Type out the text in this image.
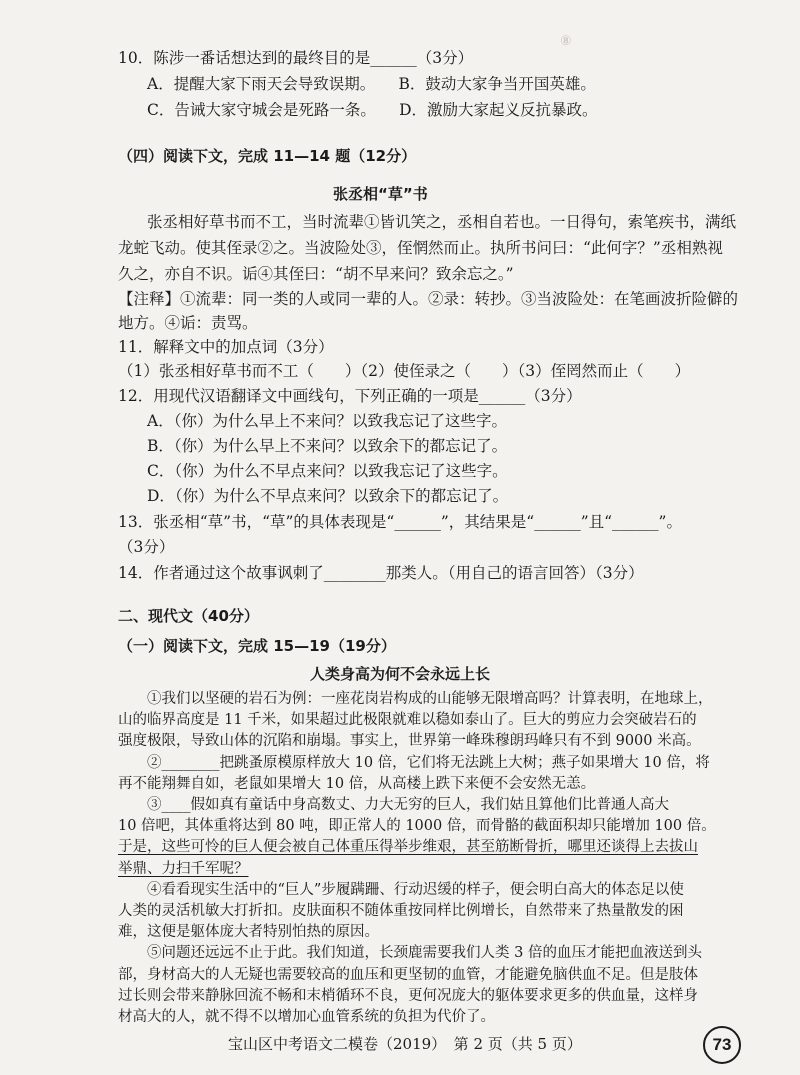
⑧　　　　　　　　

10．陈涉一番话想达到的最终目的是______（3分）
A．提醒大家下雨天会导致误期。　　B．鼓动大家争当开国英雄。
C．告诫大家守城会是死路一条。　　D．激励大家起义反抗暴政。
（四）阅读下文，完成 11—14 题（12分）
张丞相“草”书
张丞相好草书而不工，当时流辈①皆讥笑之，丞相自若也。一日得句，索笔疾书，满纸
龙蛇飞动。使其侄录②之。当波险处③，侄惘然而止。执所书问曰：“此何字？”丞相熟视
久之，亦自不识。诟④其侄曰：“胡不早来问？致余忘之。”
【注释】①流辈：同一类的人或同一辈的人。②录：转抄。③当波险处：在笔画波折险僻的
地方。④诟：责骂。
11．解释文中的加点词（3分）
（1）张丞相好草书而不工（　　）（2）使侄录之（　　）（3）侄罔然而止（　　）
12．用现代汉语翻译文中画线句，下列正确的一项是______（3分）
A．（你）为什么早上不来问？以致我忘记了这些字。
B．（你）为什么早上不来问？以致余下的都忘记了。
C．（你）为什么不早点来问？以致我忘记了这些字。
D．（你）为什么不早点来问？以致余下的都忘记了。
13．张丞相“草”书，“草”的具体表现是“______”，其结果是“______”且“______”。
（3分）
14．作者通过这个故事讽刺了________那类人。（用自己的语言回答）（3分）
二、现代文（40分）
（一）阅读下文，完成 15—19（19分）
人类身高为何不会永远上长
①我们以坚硬的岩石为例：一座花岗岩构成的山能够无限增高吗？计算表明，在地球上，
山的临界高度是 11 千米，如果超过此极限就难以稳如泰山了。巨大的剪应力会突破岩石的
强度极限，导致山体的沉陷和崩塌。事实上，世界第一峰珠穆朗玛峰只有不到 9000 米高。
②________把跳蚤原模原样放大 10 倍，它们将无法跳上大树；燕子如果增大 10 倍，将
再不能翔舞自如，老鼠如果增大 10 倍，从高楼上跌下来便不会安然无恙。
③____假如真有童话中身高数丈、力大无穷的巨人，我们姑且算他们比普通人高大
10 倍吧，其体重将达到 80 吨，即正常人的 1000 倍，而骨骼的截面积却只能增加 100 倍。
于是，这些可怜的巨人便会被自己体重压得举步维艰，甚至筋断骨折，哪里还谈得上去拔山
举鼎、力扫千军呢？
④看看现实生活中的“巨人”步履蹒跚、行动迟缓的样子，便会明白高大的体态足以使
人类的灵活机敏大打折扣。皮肤面积不随体重按同样比例增长，自然带来了热量散发的困
难，这便是躯体庞大者特别怕热的原因。
⑤问题还远远不止于此。我们知道，长颈鹿需要我们人类 3 倍的血压才能把血液送到头
73
部，身材高大的人无疑也需要较高的血压和更坚韧的血管，才能避免脑供血不足。但是肢体
过长则会带来静脉回流不畅和末梢循环不良，更何况庞大的躯体要求更多的供血量，这样身
材高大的人，就不得不以增加心血管系统的负担为代价了。
宝山区中考语文二模卷（2019）　第 2 页（共 5 页）
